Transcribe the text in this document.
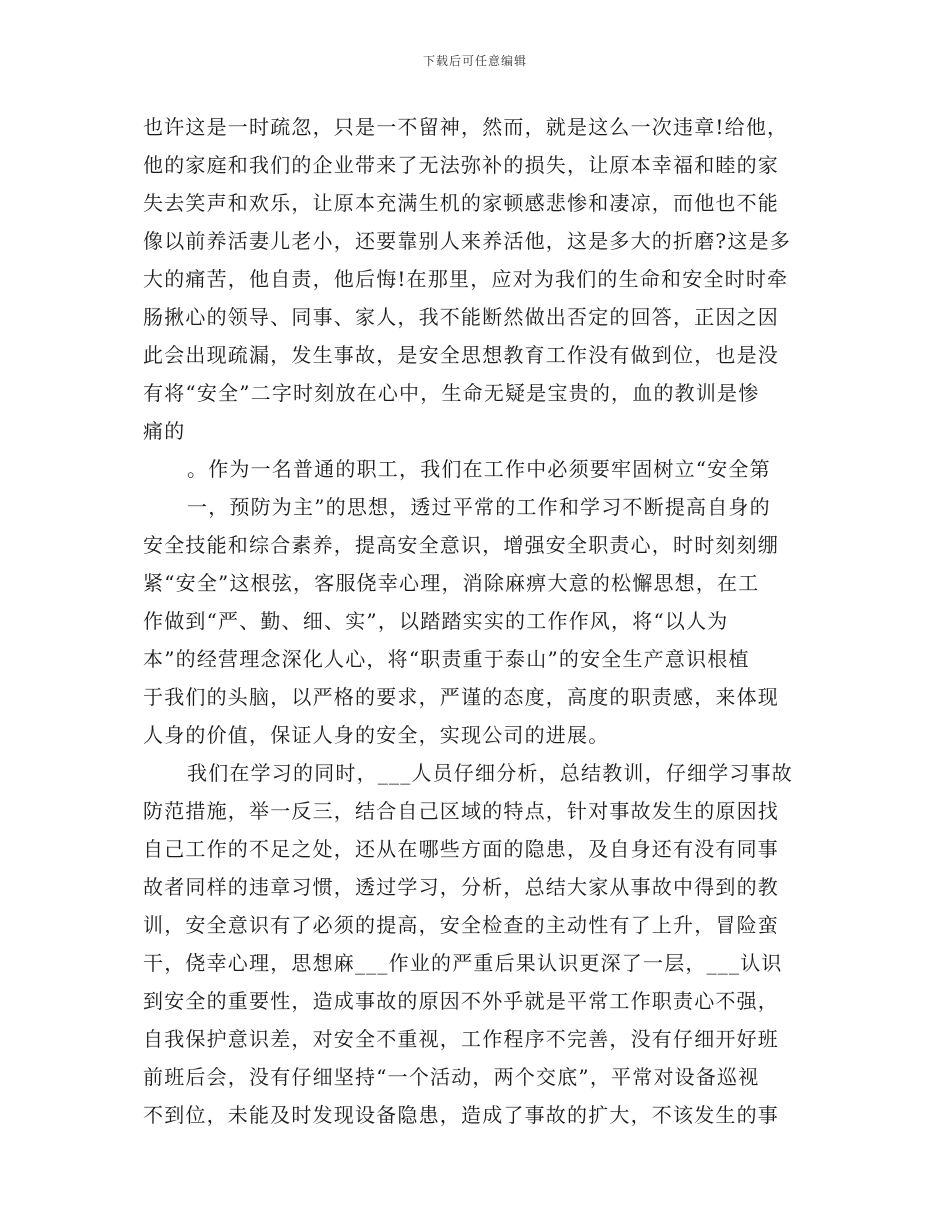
下载后可任意编辑
也许这是一时疏忽，只是一不留神，然而，就是这么一次违章!给他，
他的家庭和我们的企业带来了无法弥补的损失，让原本幸福和睦的家
失去笑声和欢乐，让原本充满生机的家顿感悲惨和凄凉，而他也不能
像以前养活妻儿老小，还要靠别人来养活他，这是多大的折磨?这是多
大的痛苦，他自责，他后悔!在那里，应对为我们的生命和安全时时牵
肠揪心的领导、同事、家人，我不能断然做出否定的回答，正因之因
此会出现疏漏，发生事故，是安全思想教育工作没有做到位，也是没
有将“安全”二字时刻放在心中，生命无疑是宝贵的，血的教训是惨
痛的
。作为一名普通的职工，我们在工作中必须要牢固树立“安全第
一，预防为主”的思想，透过平常的工作和学习不断提高自身的
安全技能和综合素养，提高安全意识，增强安全职责心，时时刻刻绷
紧“安全”这根弦，客服侥幸心理，消除麻痹大意的松懈思想，在工
作做到“严、勤、细、实”，以踏踏实实的工作作风，将“以人为
本”的经营理念深化人心，将“职责重于泰山”的安全生产意识根植
于我们的头脑，以严格的要求，严谨的态度，高度的职责感，来体现
人身的价值，保证人身的安全，实现公司的进展。
我们在学习的同时，___人员仔细分析，总结教训，仔细学习事故
防范措施，举一反三，结合自己区域的特点，针对事故发生的原因找
自己工作的不足之处，还从在哪些方面的隐患，及自身还有没有同事
故者同样的违章习惯，透过学习，分析，总结大家从事故中得到的教
训，安全意识有了必须的提高，安全检查的主动性有了上升，冒险蛮
干，侥幸心理，思想麻___作业的严重后果认识更深了一层，___认识
到安全的重要性，造成事故的原因不外乎就是平常工作职责心不强，
自我保护意识差，对安全不重视，工作程序不完善，没有仔细开好班
前班后会，没有仔细坚持“一个活动，两个交底”，平常对设备巡视
不到位，未能及时发现设备隐患，造成了事故的扩大，不该发生的事
